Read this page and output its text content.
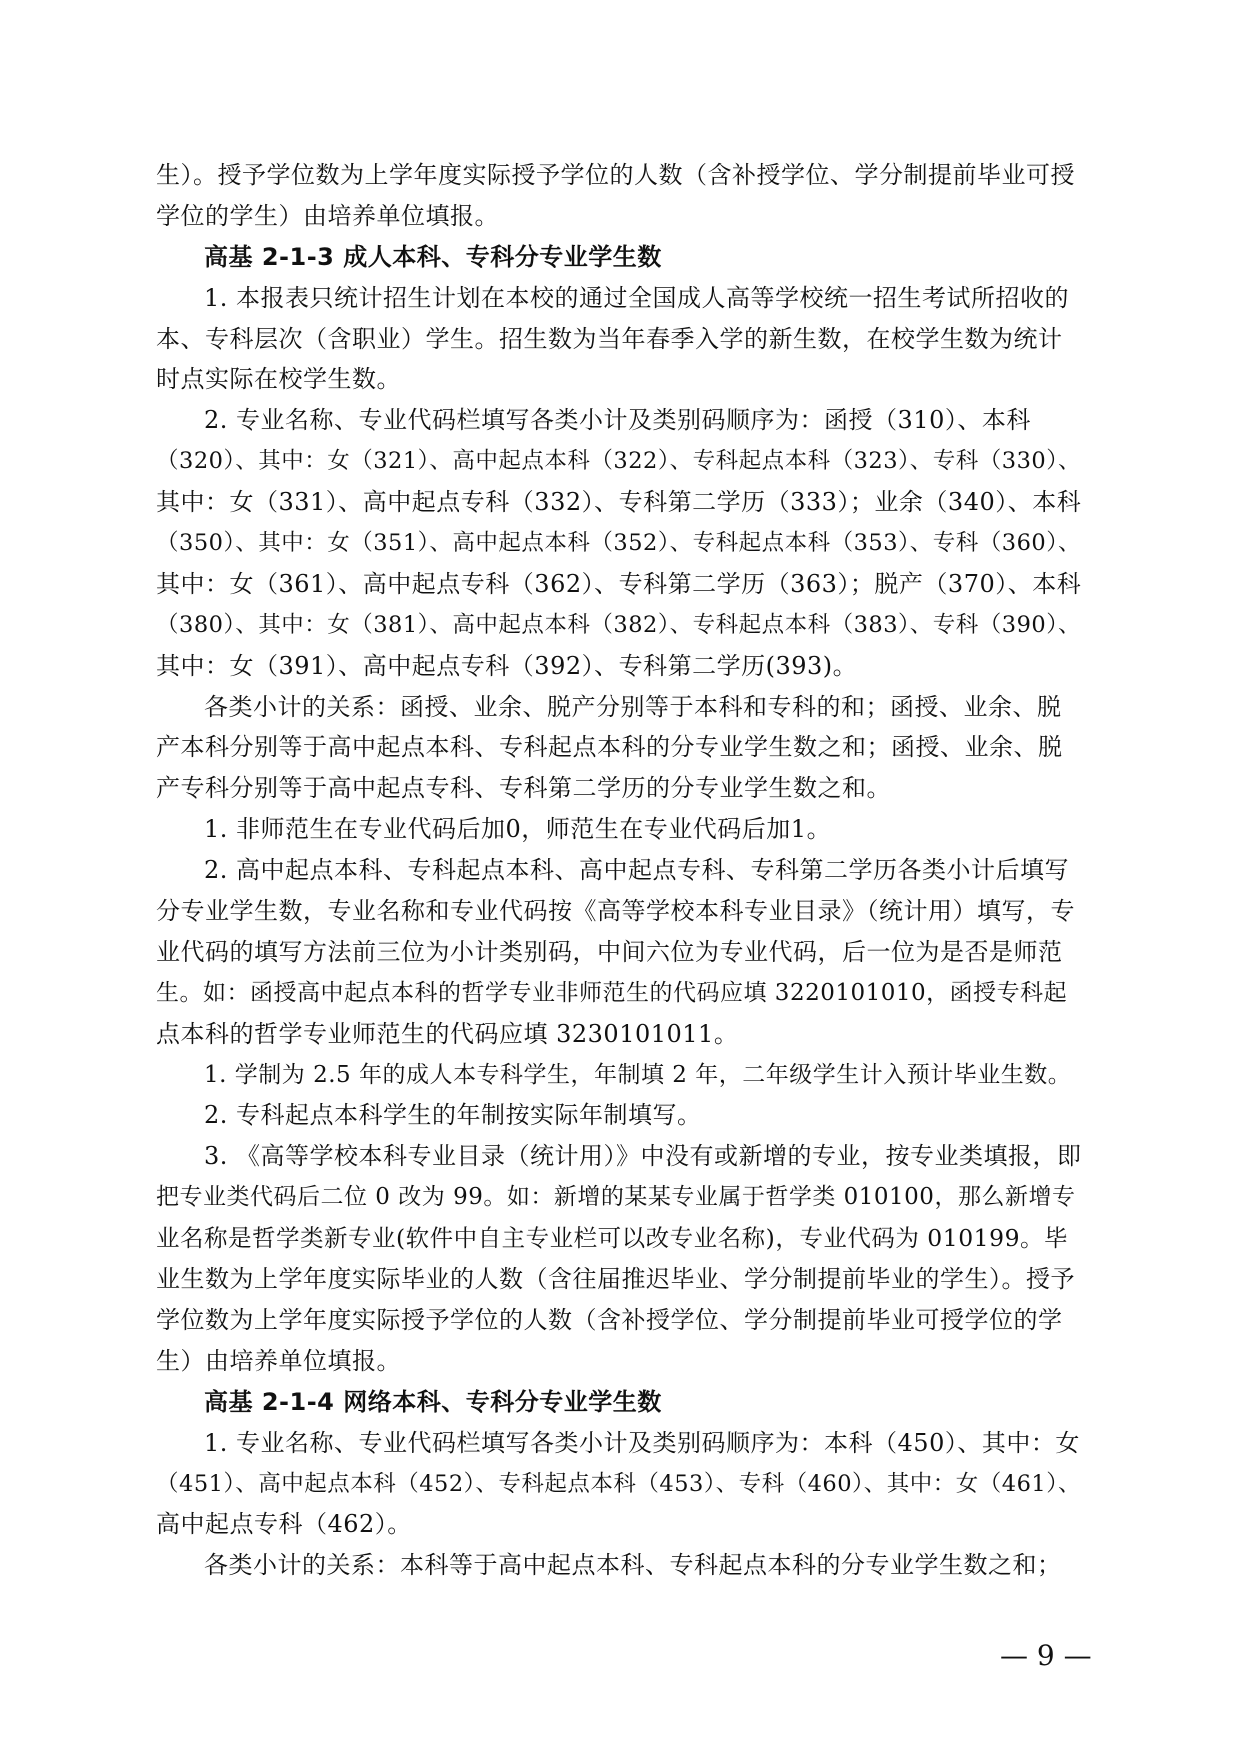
生）。授予学位数为上学年度实际授予学位的人数（含补授学位、学分制提前毕业可授
学位的学生）由培养单位填报。
高基 2-1-3 成人本科、专科分专业学生数
1. 本报表只统计招生计划在本校的通过全国成人高等学校统一招生考试所招收的
本、专科层次（含职业）学生。招生数为当年春季入学的新生数，在校学生数为统计
时点实际在校学生数。
2. 专业名称、专业代码栏填写各类小计及类别码顺序为：函授（310）、本科
（320）、其中：女（321）、高中起点本科（322）、专科起点本科（323）、专科（330）、
其中：女（331）、高中起点专科（332）、专科第二学历（333）；业余（340）、本科
（350）、其中：女（351）、高中起点本科（352）、专科起点本科（353）、专科（360）、
其中：女（361）、高中起点专科（362）、专科第二学历（363）；脱产（370）、本科
（380）、其中：女（381）、高中起点本科（382）、专科起点本科（383）、专科（390）、
其中：女（391）、高中起点专科（392）、专科第二学历(393)。
各类小计的关系：函授、业余、脱产分别等于本科和专科的和；函授、业余、脱
产本科分别等于高中起点本科、专科起点本科的分专业学生数之和；函授、业余、脱
产专科分别等于高中起点专科、专科第二学历的分专业学生数之和。
1. 非师范生在专业代码后加0，师范生在专业代码后加1。
2. 高中起点本科、专科起点本科、高中起点专科、专科第二学历各类小计后填写
分专业学生数，专业名称和专业代码按《高等学校本科专业目录》（统计用）填写，专
业代码的填写方法前三位为小计类别码，中间六位为专业代码，后一位为是否是师范
生。如：函授高中起点本科的哲学专业非师范生的代码应填 3220101010，函授专科起
点本科的哲学专业师范生的代码应填 3230101011。
1. 学制为 2.5 年的成人本专科学生，年制填 2 年，二年级学生计入预计毕业生数。
2. 专科起点本科学生的年制按实际年制填写。
3. 《高等学校本科专业目录（统计用）》中没有或新增的专业，按专业类填报，即
把专业类代码后二位 0 改为 99。如：新增的某某专业属于哲学类 010100，那么新增专
业名称是哲学类新专业(软件中自主专业栏可以改专业名称)，专业代码为 010199。毕
业生数为上学年度实际毕业的人数（含往届推迟毕业、学分制提前毕业的学生）。授予
学位数为上学年度实际授予学位的人数（含补授学位、学分制提前毕业可授学位的学
生）由培养单位填报。
高基 2-1-4 网络本科、专科分专业学生数
1. 专业名称、专业代码栏填写各类小计及类别码顺序为：本科（450）、其中：女
（451）、高中起点本科（452）、专科起点本科（453）、专科（460）、其中：女（461）、
高中起点专科（462）。
各类小计的关系：本科等于高中起点本科、专科起点本科的分专业学生数之和；
— 9 —
